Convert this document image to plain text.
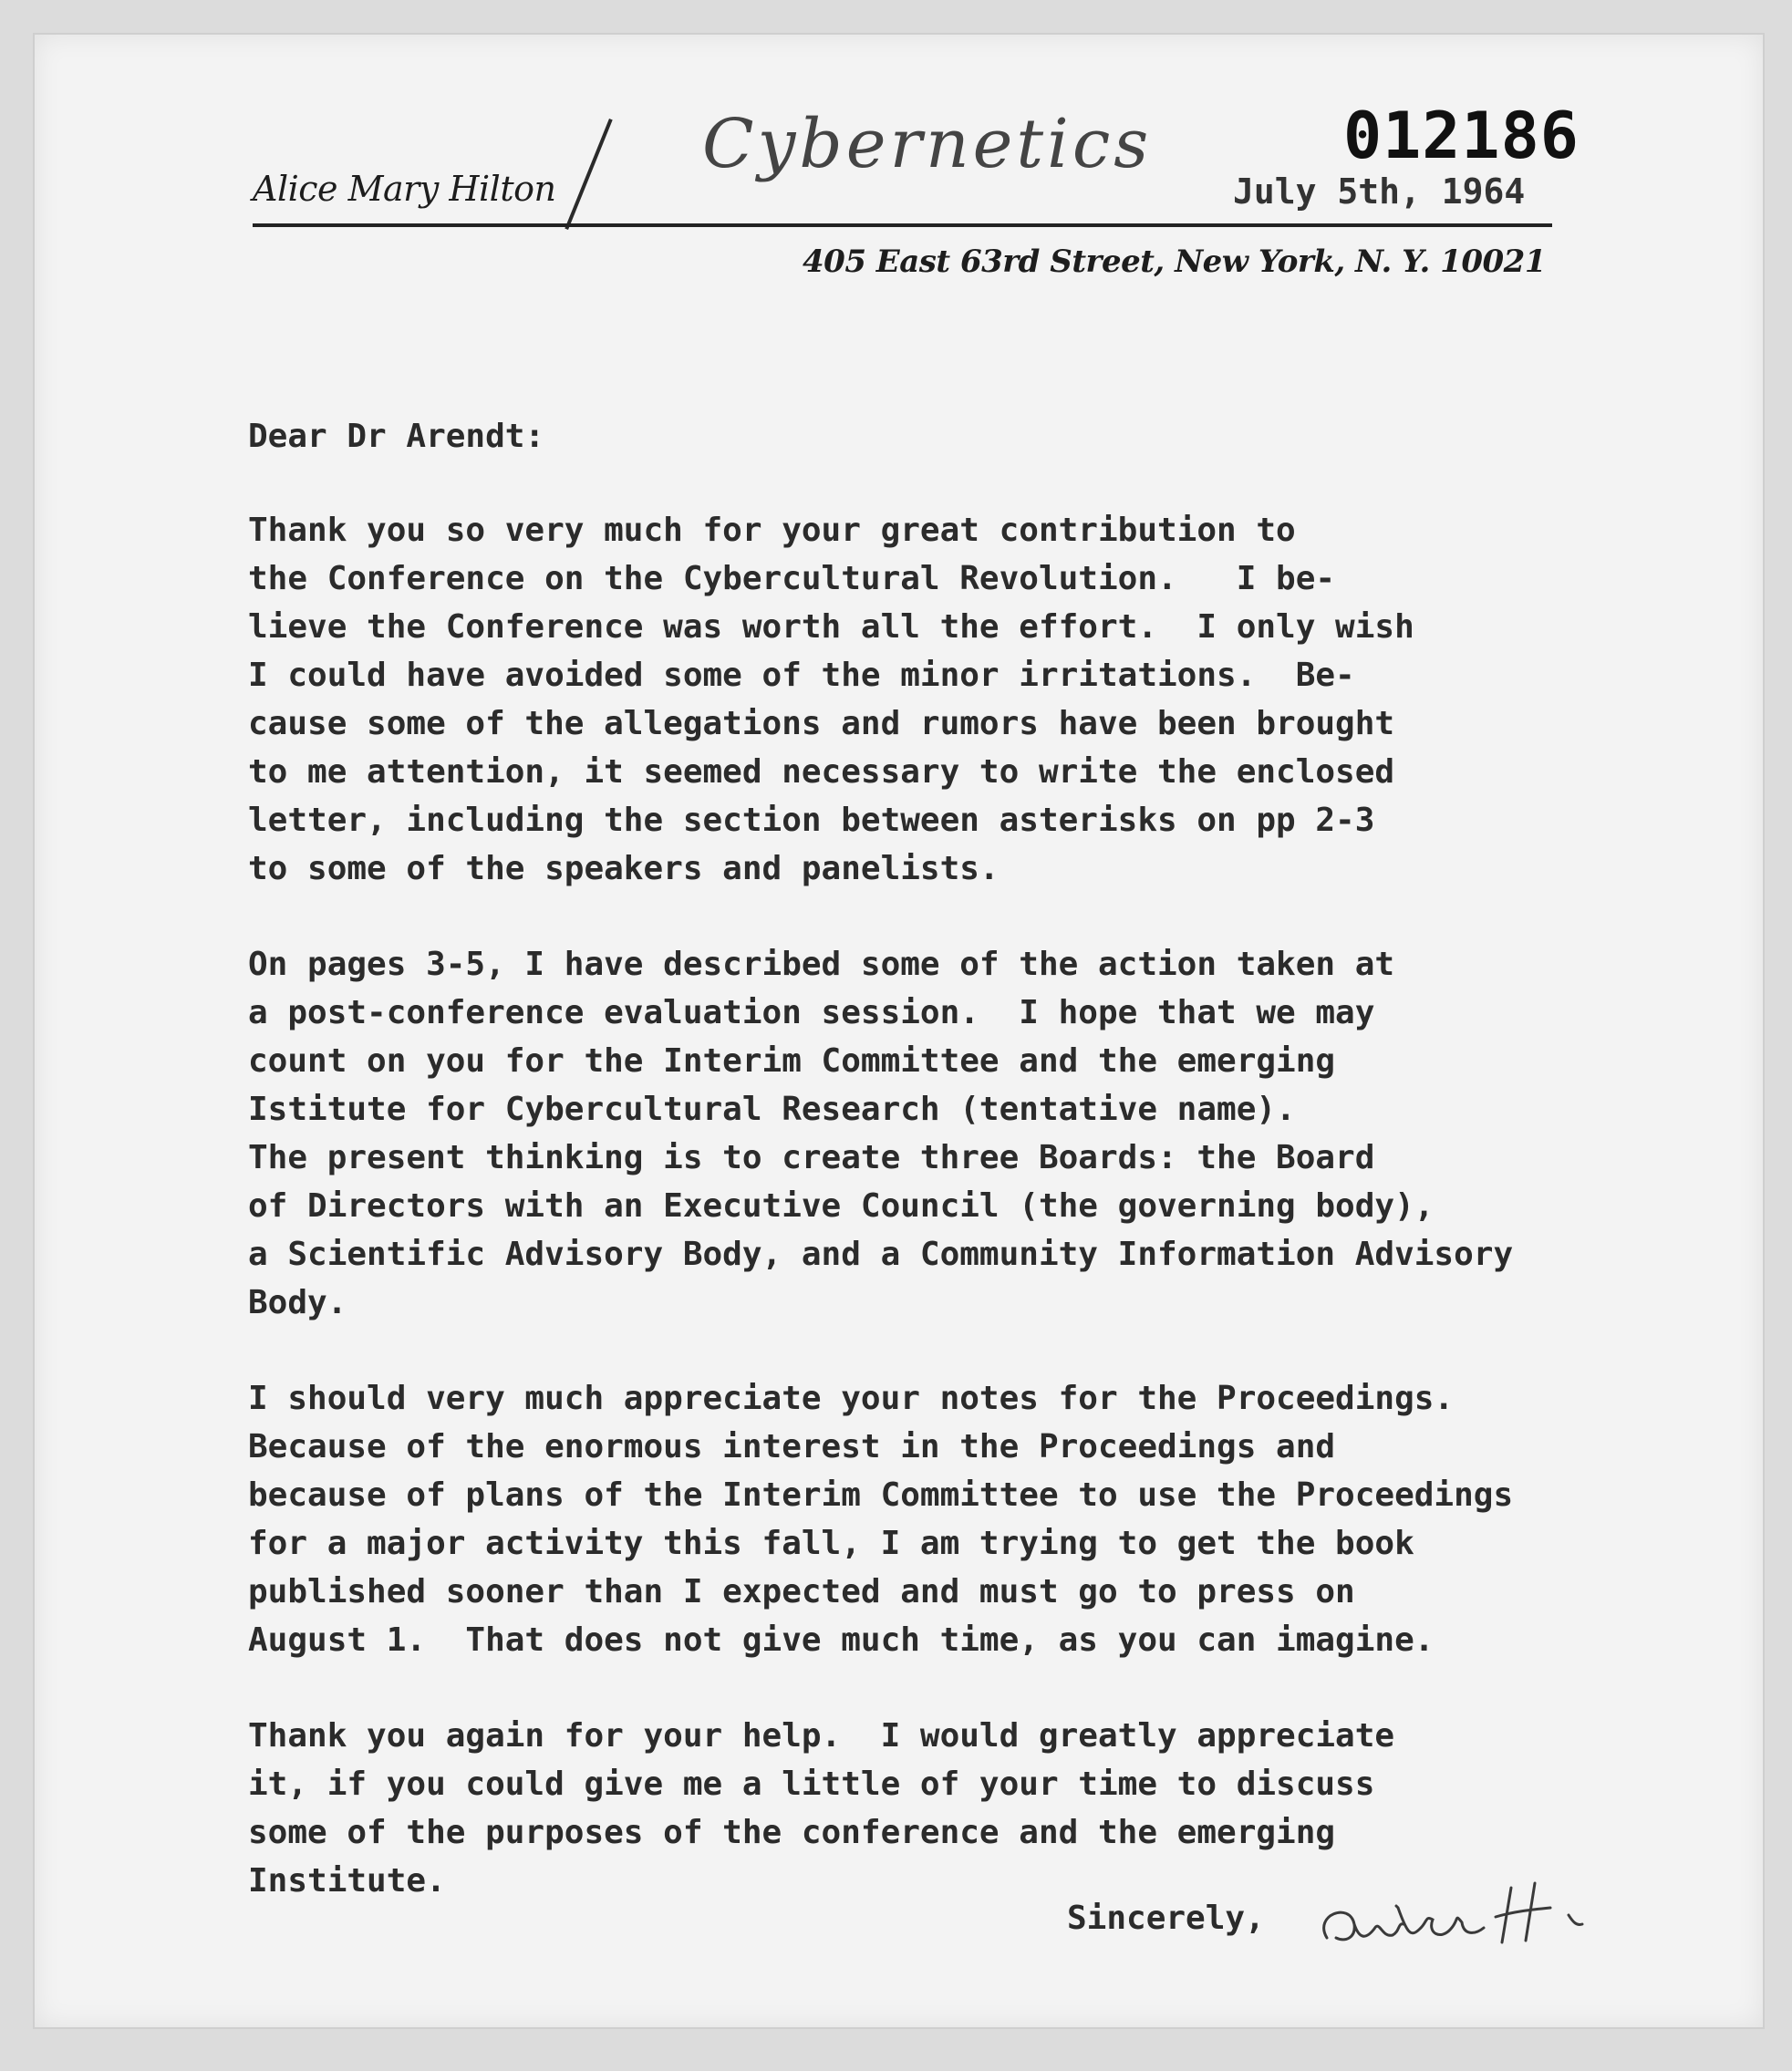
Alice Mary Hilton
Cybernetics	012186
July 5th, 1964
405 East 63rd Street, New York, N. Y. 10021
Dear Dr Arendt:
Thank you so very much for your great contribution to
the Conference on the Cybercultural Revolution.   I be-
lieve the Conference was worth all the effort.  I only wish
I could have avoided some of the minor irritations.  Be-
cause some of the allegations and rumors have been brought
to me attention, it seemed necessary to write the enclosed
letter, including the section between asterisks on pp 2-3
to some of the speakers and panelists.
On pages 3-5, I have described some of the action taken at
a post-conference evaluation session.  I hope that we may
count on you for the Interim Committee and the emerging
Istitute for Cybercultural Research (tentative name).
The present thinking is to create three Boards: the Board
of Directors with an Executive Council (the governing body),
a Scientific Advisory Body, and a Community Information Advisory
Body.
I should very much appreciate your notes for the Proceedings.
Because of the enormous interest in the Proceedings and
because of plans of the Interim Committee to use the Proceedings
for a major activity this fall, I am trying to get the book
published sooner than I expected and must go to press on
August 1.  That does not give much time, as you can imagine.
Thank you again for your help.  I would greatly appreciate
it, if you could give me a little of your time to discuss
some of the purposes of the conference and the emerging
Institute.
Sincerely,
